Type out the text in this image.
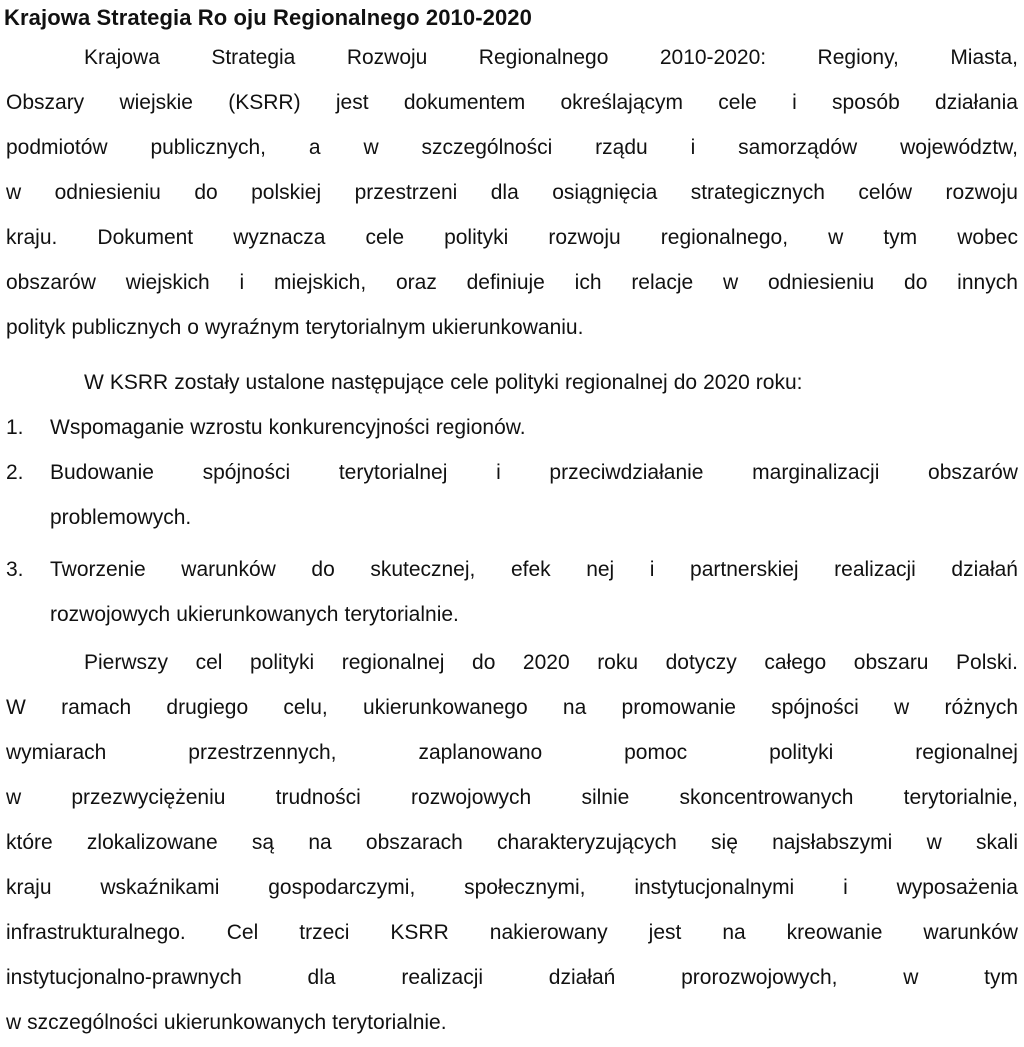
Krajowa Strategia Ro oju Regionalnego 2010-2020
Krajowa Strategia Rozwoju Regionalnego 2010-2020: Regiony, Miasta,
Obszary wiejskie (KSRR) jest dokumentem określającym cele i sposób działania
podmiotów publicznych, a w szczególności rządu i samorządów województw,
w odniesieniu do polskiej przestrzeni dla osiągnięcia strategicznych celów rozwoju
kraju. Dokument wyznacza cele polityki rozwoju regionalnego, w tym wobec
obszarów wiejskich i miejskich, oraz definiuje ich relacje w odniesieniu do innych
polityk publicznych o wyraźnym terytorialnym ukierunkowaniu.
W KSRR zostały ustalone następujące cele polityki regionalnej do 2020 roku:
1. Wspomaganie wzrostu konkurencyjności regionów.
2. Budowanie spójności terytorialnej i przeciwdziałanie marginalizacji obszarów
problemowych.
3. Tworzenie warunków do skutecznej, efek nej i partnerskiej realizacji działań
rozwojowych ukierunkowanych terytorialnie.
Pierwszy cel polityki regionalnej do 2020 roku dotyczy całego obszaru Polski.
W ramach drugiego celu, ukierunkowanego na promowanie spójności w różnych
wymiarach	przestrzennych,	zaplanowano	pomoc	polityki	regionalnej
w przezwyciężeniu trudności rozwojowych silnie skoncentrowanych terytorialnie,
które zlokalizowane są na obszarach charakteryzujących się najsłabszymi w skali
kraju wskaźnikami gospodarczymi, społecznymi, instytucjonalnymi i wyposażenia
infrastrukturalnego. Cel trzeci KSRR nakierowany jest na kreowanie warunków
instytucjonalno-prawnych	dla	realizacji	działań	prorozwojowych,	w	tym
w szczególności ukierunkowanych terytorialnie.
